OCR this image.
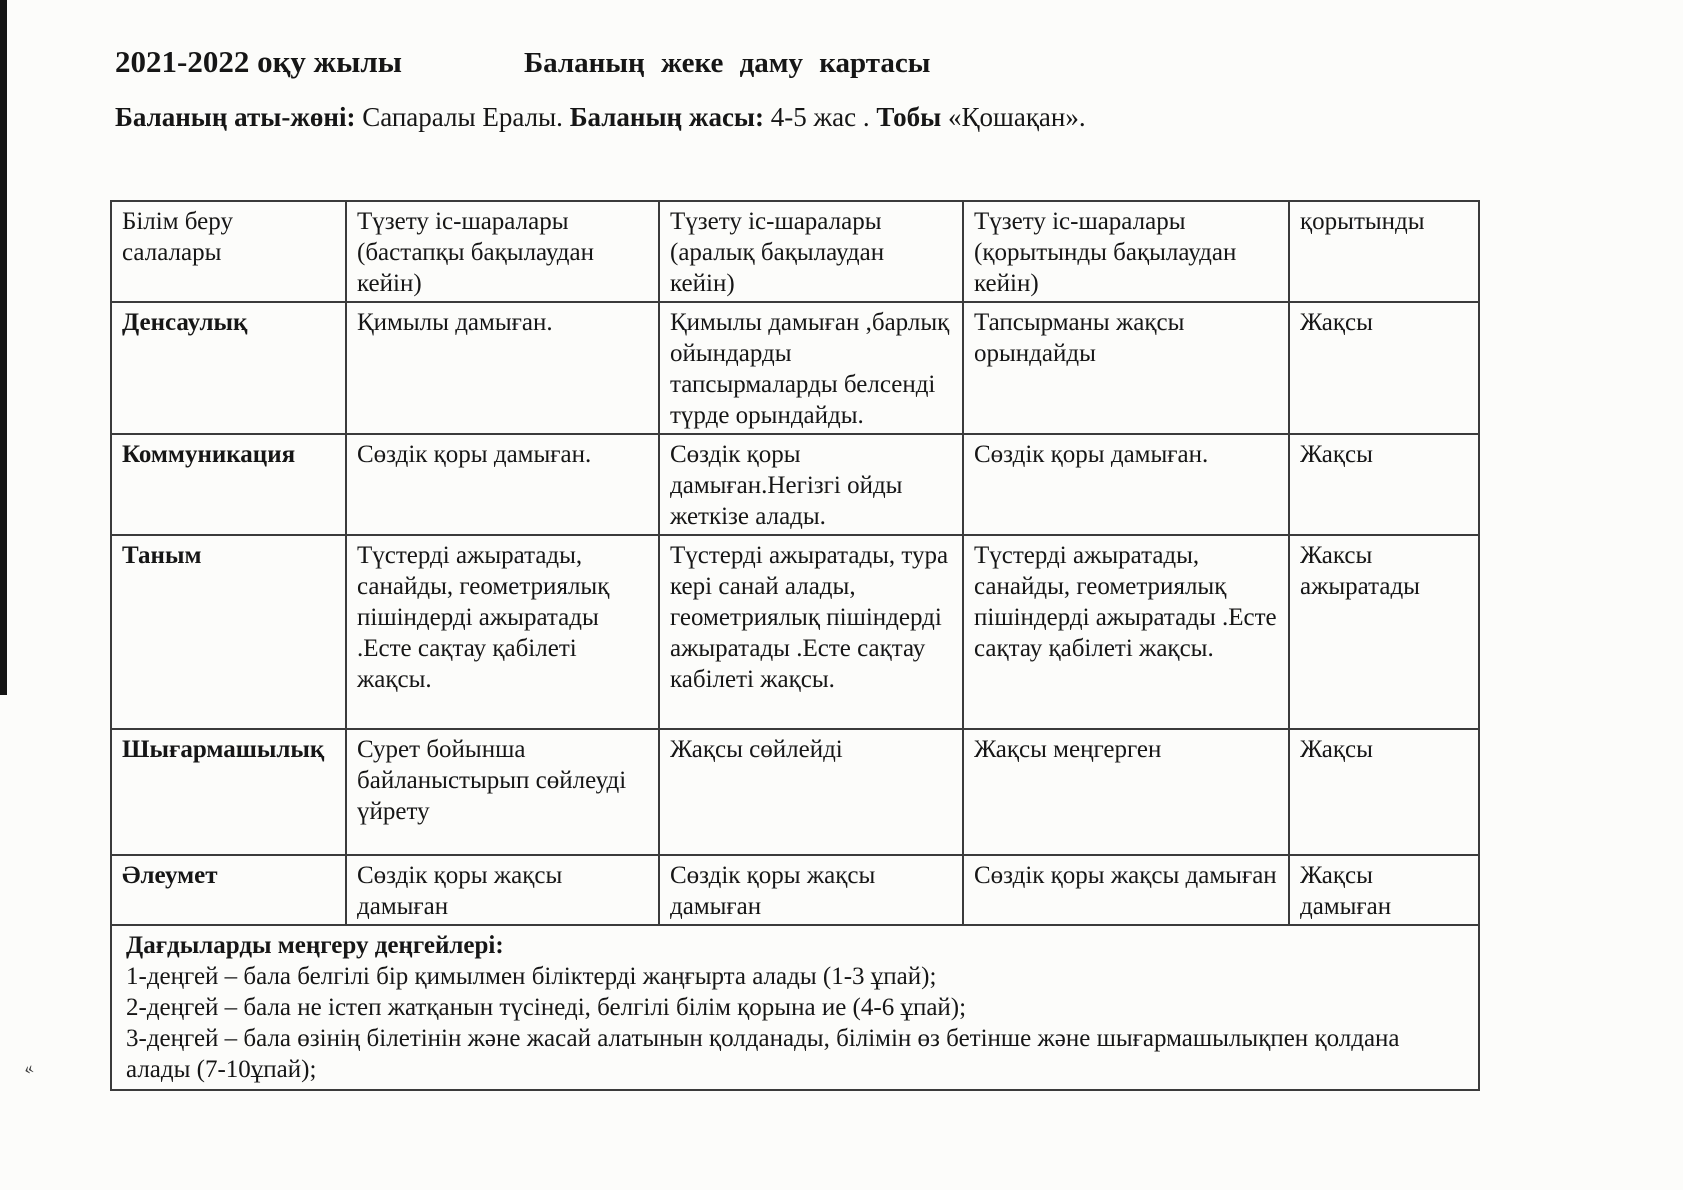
«
2021-2022 оқу жылы	Баланың жеке даму картасы
Баланың аты-жөні: Сапаралы Ералы. Баланың жасы: 4-5 жас . Тобы «Қошақан».
Білім беру салалары	Түзету іс-шаралары (бастапқы бақылаудан кейін)	Түзету іс-шаралары (аралық бақылаудан кейін)	Түзету іс-шаралары (қорытынды бақылаудан кейін)	қорытынды
Денсаулық	Қимылы дамыған.	Қимылы дамыған ,барлық ойындарды тапсырмаларды белсенді түрде орындайды.	Тапсырманы жақсы орындайды	Жақсы
Коммуникация	Сөздік қоры дамыған.	Сөздік қоры дамыған.Негізгі ойды жеткізе алады.	Сөздік қоры дамыған.	Жақсы
Таным	Түстерді ажыратады, санайды, геометриялық пішіндерді ажыратады .Есте сақтау қабілеті жақсы.	Түстерді ажыратады, тура кері санай алады, геометриялық пішіндерді ажыратады .Есте сақтау кабілеті жақсы.	Түстерді ажыратады, санайды, геометриялық пішіндерді ажыратады .Есте сақтау қабілеті жақсы.	Жаксы ажыратады
Шығармашылық	Сурет бойынша байланыстырып сөйлеуді үйрету	Жақсы сөйлейді	Жақсы меңгерген	Жақсы
Әлеумет	Сөздік қоры жақсы дамыған	Сөздік қоры жақсы дамыған	Сөздік қоры жақсы дамыған	Жақсы дамыған

Дағдыларды меңгеру деңгейлері:
1-деңгей – бала белгілі бір қимылмен біліктерді жаңғырта алады (1-3 ұпай);
2-деңгей – бала не істеп жатқанын түсінеді, белгілі білім қорына ие (4-6 ұпай);
3-деңгей – бала өзінің білетінін және жасай алатынын қолданады, білімін өз бетінше және шығармашылықпен қолдана алады (7-10ұпай);				
